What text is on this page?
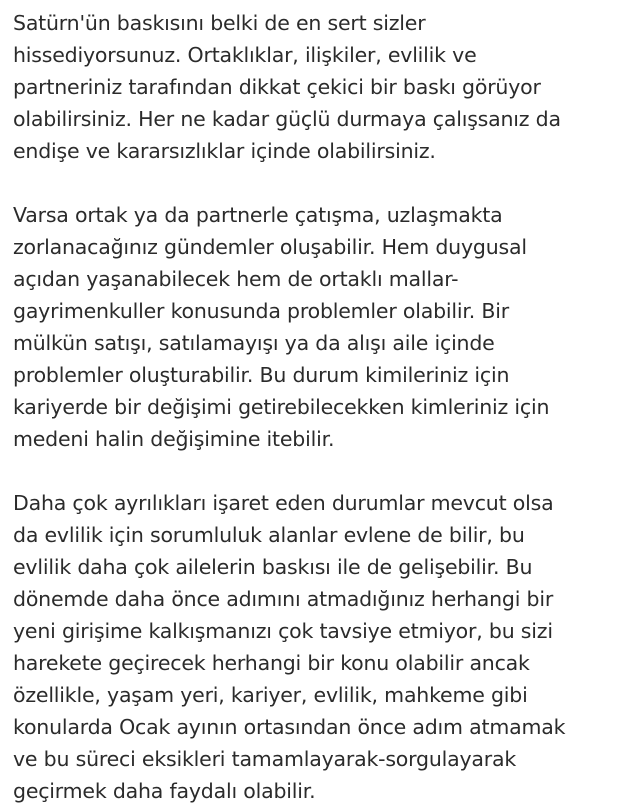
Satürn'ün baskısını belki de en sert sizler
hissediyorsunuz. Ortaklıklar, ilişkiler, evlilik ve
partneriniz tarafından dikkat çekici bir baskı görüyor
olabilirsiniz. Her ne kadar güçlü durmaya çalışsanız da
endişe ve kararsızlıklar içinde olabilirsiniz.

Varsa ortak ya da partnerle çatışma, uzlaşmakta
zorlanacağınız gündemler oluşabilir. Hem duygusal
açıdan yaşanabilecek hem de ortaklı mallar-
gayrimenkuller konusunda problemler olabilir. Bir
mülkün satışı, satılamayışı ya da alışı aile içinde
problemler oluşturabilir. Bu durum kimileriniz için
kariyerde bir değişimi getirebilecekken kimleriniz için
medeni halin değişimine itebilir.

Daha çok ayrılıkları işaret eden durumlar mevcut olsa
da evlilik için sorumluluk alanlar evlene de bilir, bu
evlilik daha çok ailelerin baskısı ile de gelişebilir. Bu
dönemde daha önce adımını atmadığınız herhangi bir
yeni girişime kalkışmanızı çok tavsiye etmiyor, bu sizi
harekete geçirecek herhangi bir konu olabilir ancak
özellikle, yaşam yeri, kariyer, evlilik, mahkeme gibi
konularda Ocak ayının ortasından önce adım atmamak
ve bu süreci eksikleri tamamlayarak-sorgulayarak
geçirmek daha faydalı olabilir.
